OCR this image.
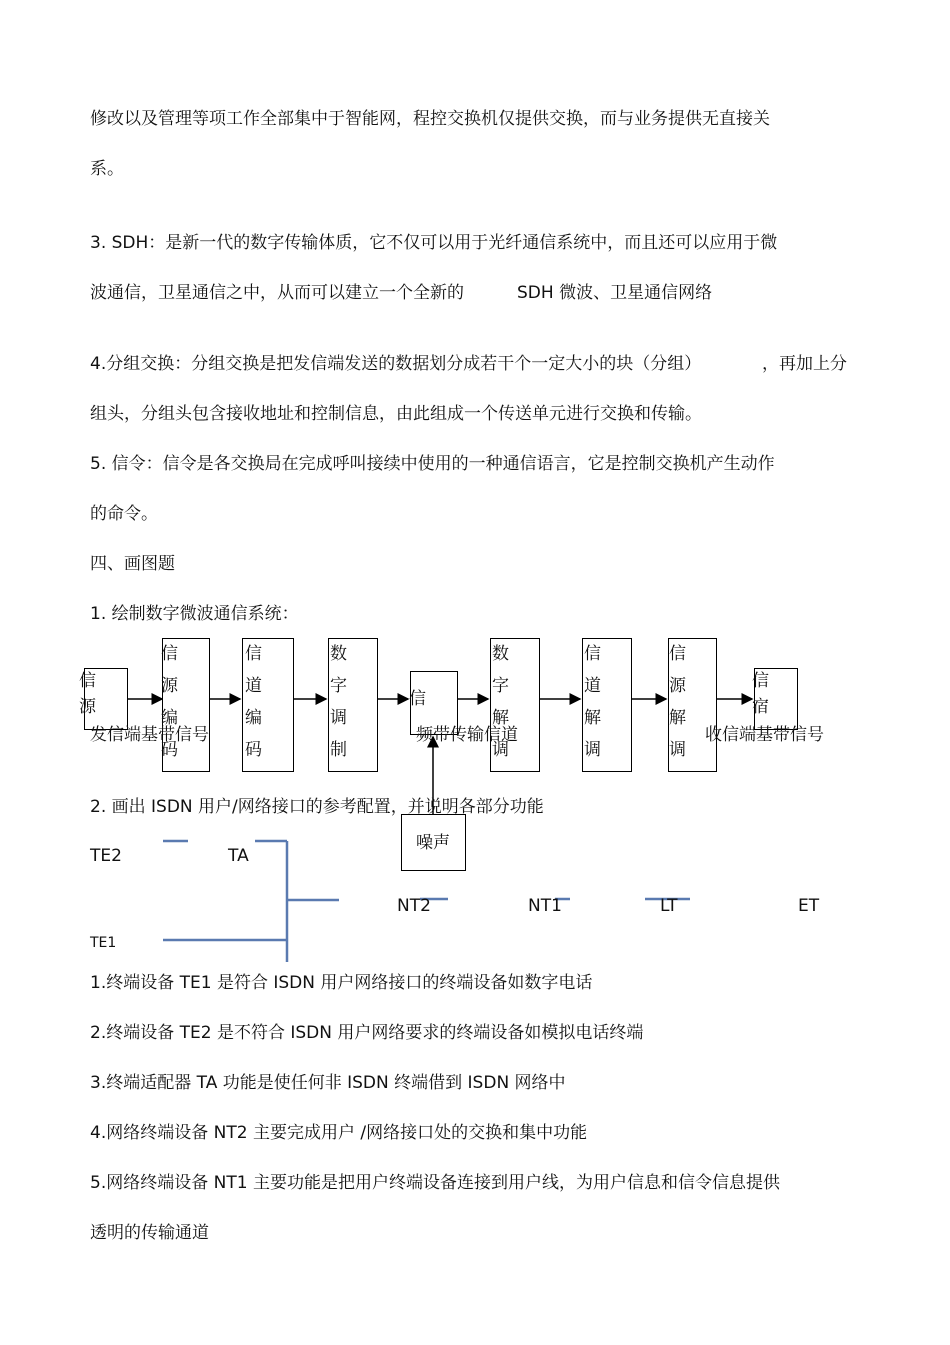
修改以及管理等项工作全部集中于智能网，程控交换机仅提供交换，而与业务提供无直接关
系。
3. SDH：是新一代的数字传输体质，它不仅可以用于光纤通信系统中，而且还可以应用于微
波通信，卫星通信之中，从而可以建立一个全新的	SDH 微波、卫星通信网络
4.分组交换：分组交换是把发信端发送的数据划分成若干个一定大小的块（分组）	，再加上分
组头，分组头包含接收地址和控制信息，由此组成一个传送单元进行交换和传输。
5. 信令：信令是各交换局在完成呼叫接续中使用的一种通信语言，它是控制交换机产生动作
的命令。
四、画图题
1. 绘制数字微波通信系统：
信源
信源编码
信道编码
数字调制
信
数字解调
信道解调
信源解调
信宿
噪声
发信端基带信号	频带传输信道	收信端基带信号
2. 画出 ISDN 用户/网络接口的参考配置，并说明各部分功能
TE2	TA
TE1
NT2	NT1	LT	ET
1.终端设备 TE1 是符合 ISDN 用户网络接口的终端设备如数字电话
2.终端设备 TE2 是不符合 ISDN 用户网络要求的终端设备如模拟电话终端
3.终端适配器 TA 功能是使任何非 ISDN 终端借到 ISDN 网络中
4.网络终端设备 NT2 主要完成用户 /网络接口处的交换和集中功能
5.网络终端设备 NT1 主要功能是把用户终端设备连接到用户线，为用户信息和信令信息提供
透明的传输通道
